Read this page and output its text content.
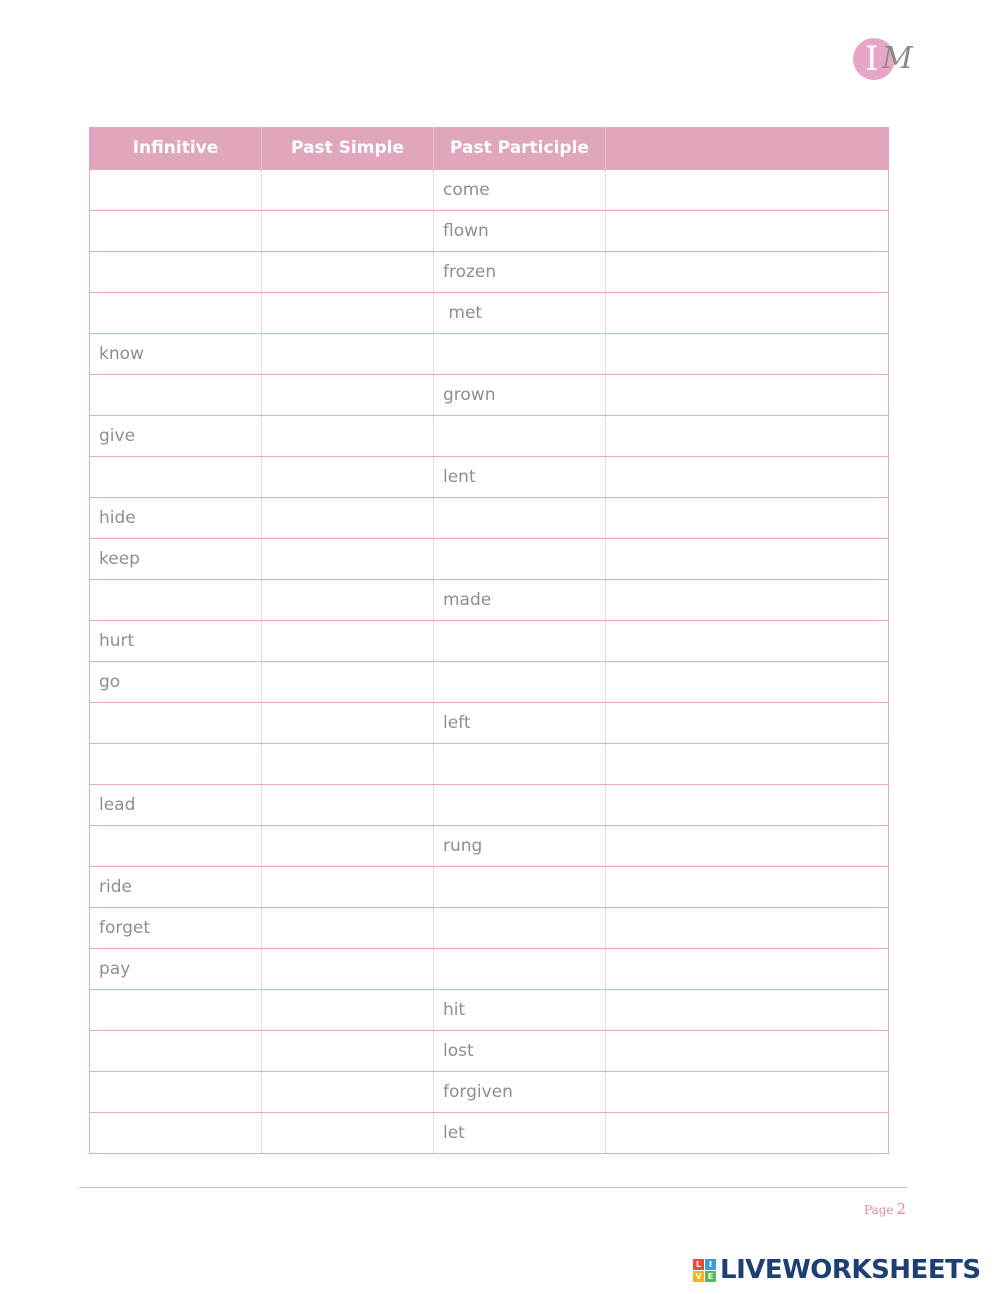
I M
Infinitive	Past Simple	Past Participle	
		come	
		flown	
		frozen	
		met	
know			
		grown	
give			
		lent	
hide			
keep			
		made	
hurt			
go			
		left	

lead			
		rung	
ride			
forget			
pay			
		hit	
		lost	
		forgiven	
		let	
Page 2
L I
V E LIVEWORKSHEETS
